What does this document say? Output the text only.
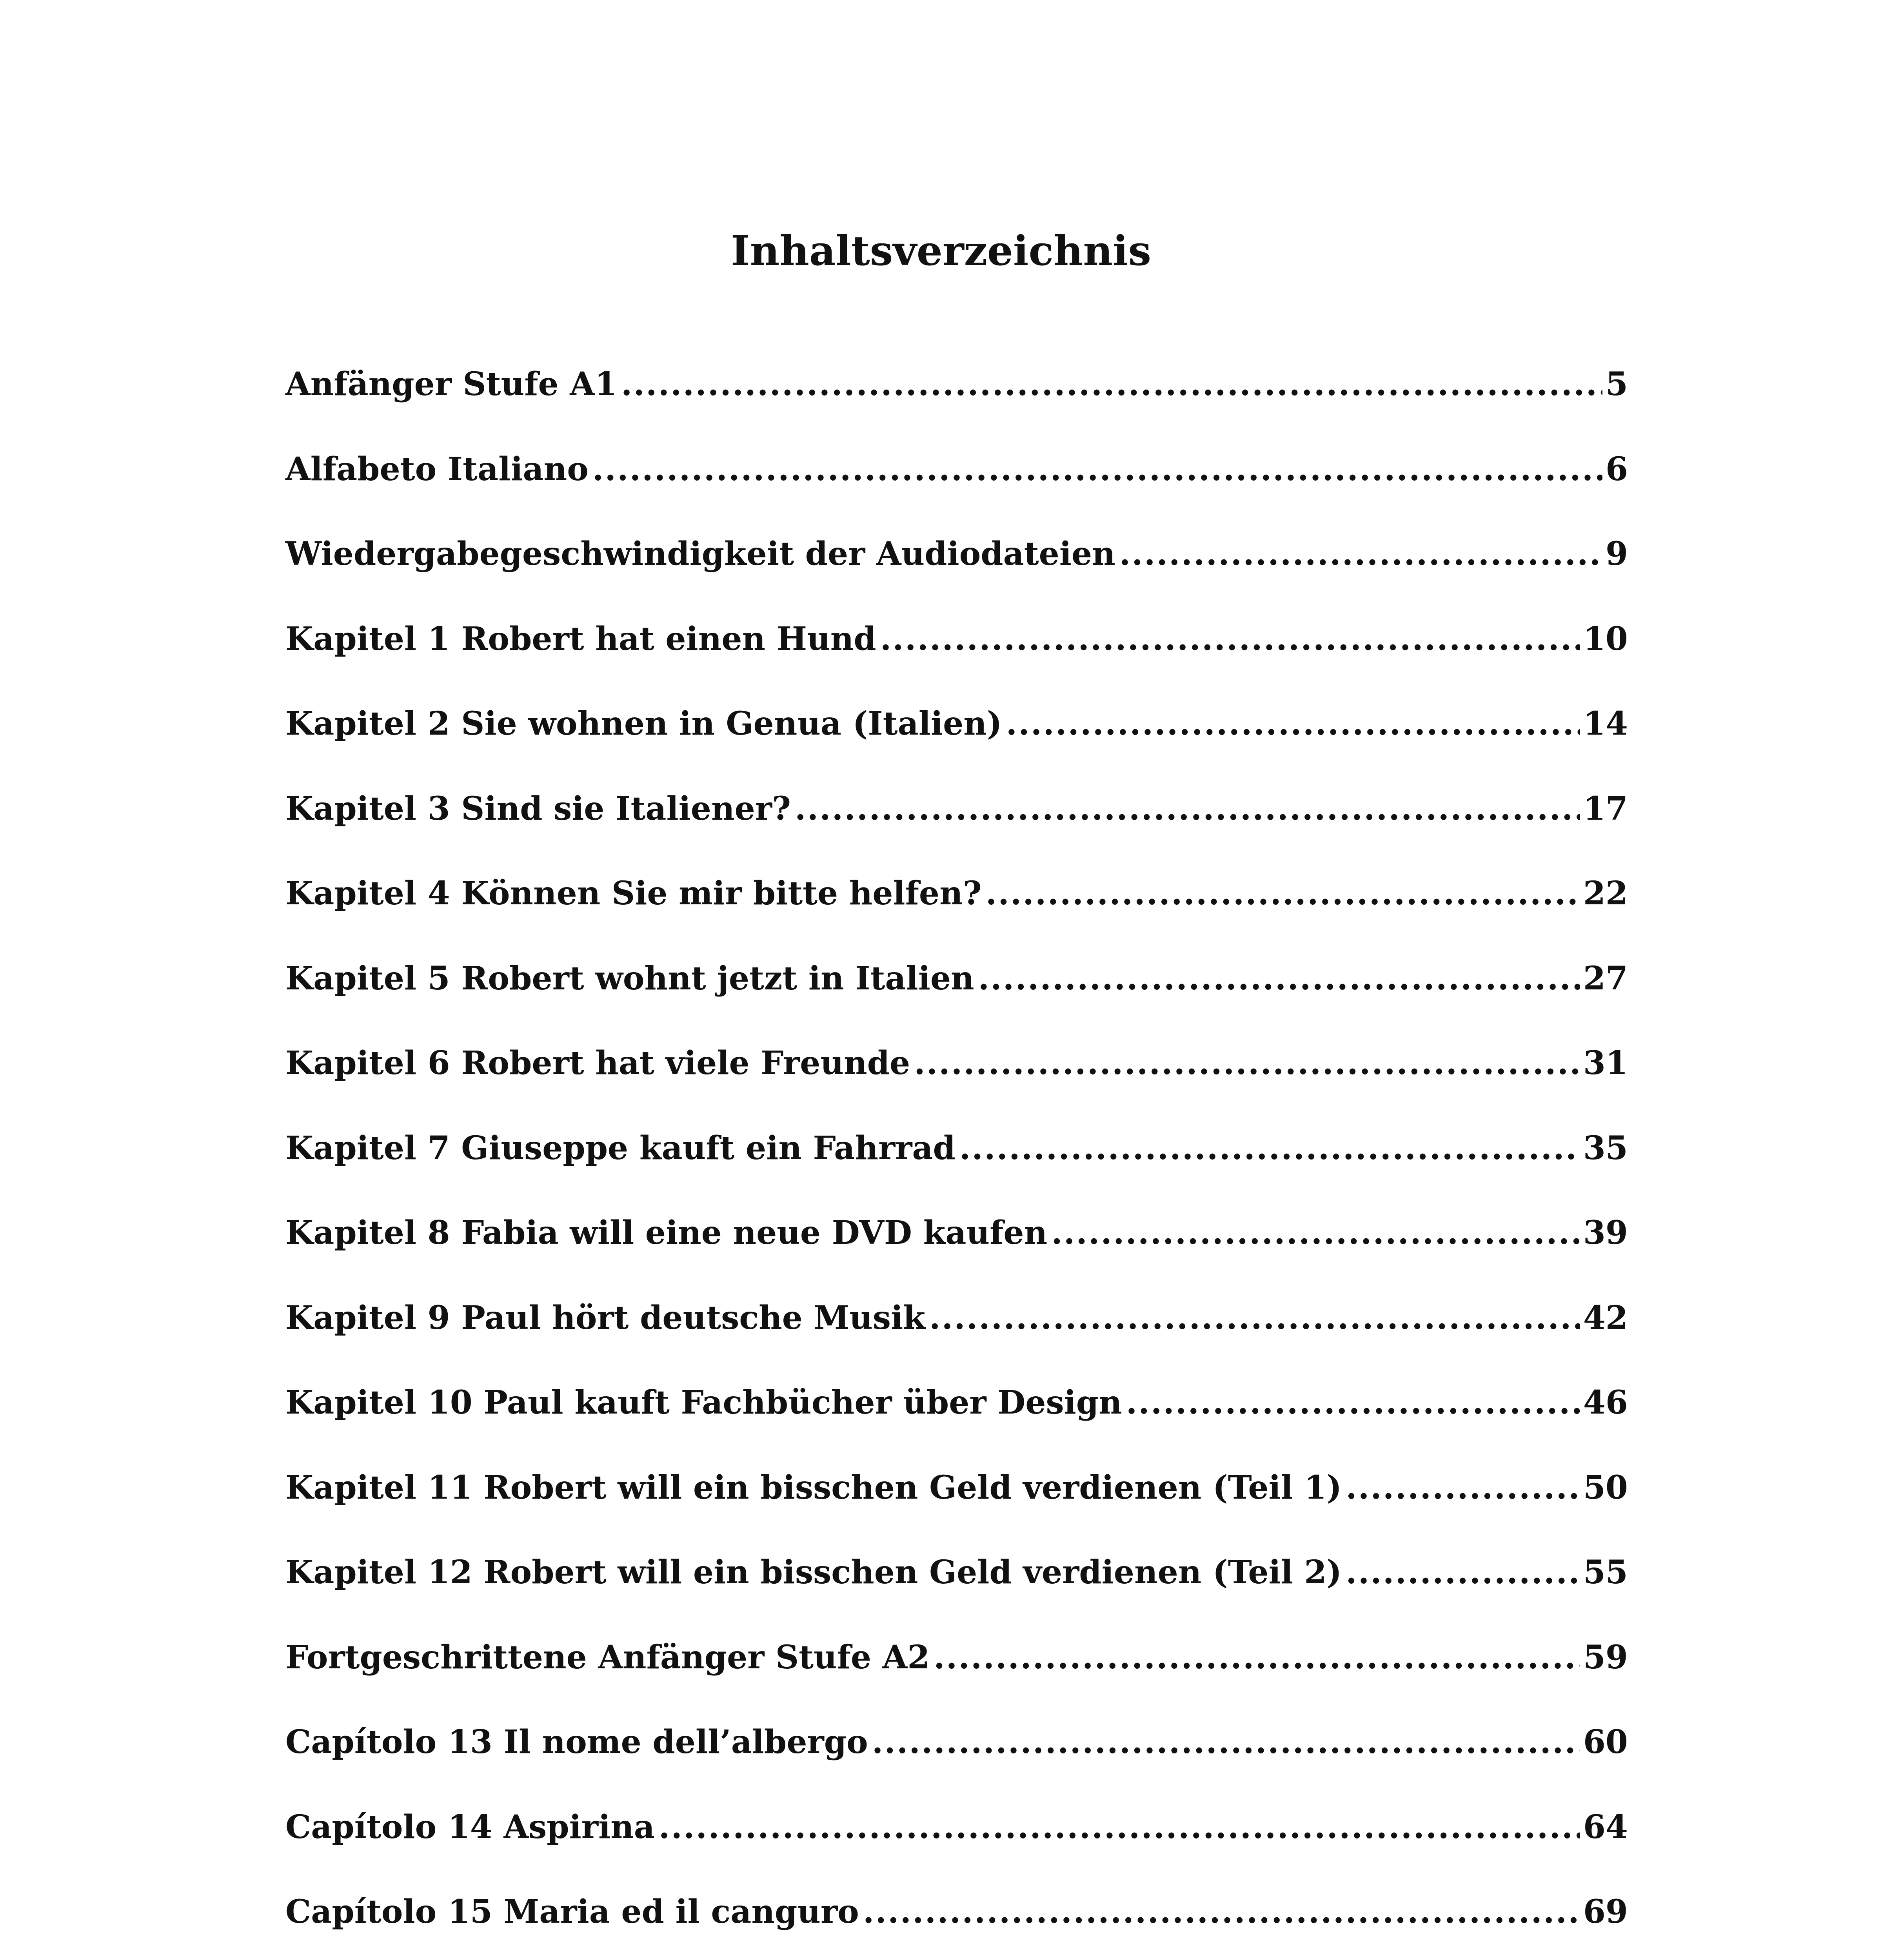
Inhaltsverzeichnis
Anfänger Stufe A1 .....	5
Alfabeto Italiano .....	6
Wiedergabegeschwindigkeit der Audiodateien .....	9
Kapitel 1 Robert hat einen Hund .....	10
Kapitel 2 Sie wohnen in Genua (Italien) .....	14
Kapitel 3 Sind sie Italiener? .....	17
Kapitel 4 Können Sie mir bitte helfen? .....	22
Kapitel 5 Robert wohnt jetzt in Italien .....	27
Kapitel 6 Robert hat viele Freunde .....	31
Kapitel 7 Giuseppe kauft ein Fahrrad .....	35
Kapitel 8 Fabia will eine neue DVD kaufen .....	39
Kapitel 9 Paul hört deutsche Musik .....	42
Kapitel 10 Paul kauft Fachbücher über Design .....	46
Kapitel 11 Robert will ein bisschen Geld verdienen (Teil 1) .....	50
Kapitel 12 Robert will ein bisschen Geld verdienen (Teil 2) .....	55
Fortgeschrittene Anfänger Stufe A2 .....	59
Capítolo 13 Il nome dell’albergo .....	60
Capítolo 14 Aspirina .....	64
Capítolo 15 Maria ed il canguro .....	69
